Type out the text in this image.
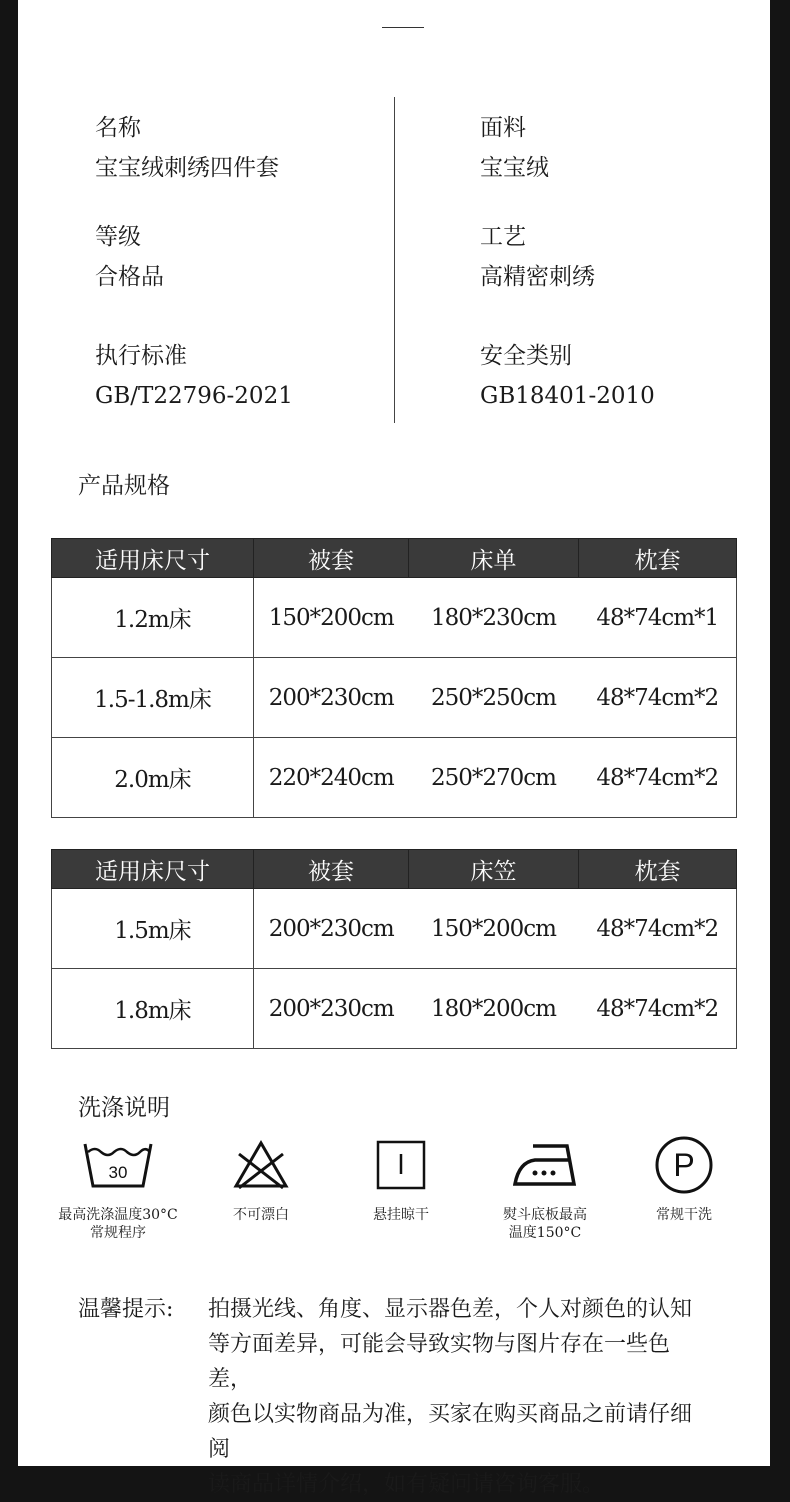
名称
宝宝绒刺绣四件套
面料
宝宝绒
等级
合格品
工艺
高精密刺绣
执行标准
GB/T22796-2021
安全类别
GB18401-2010
产品规格
适用床尺寸	被套	床单	枕套
1.2m床	150*200cm	180*230cm	48*74cm*1
1.5-1.8m床	200*230cm	250*250cm	48*74cm*2
2.0m床	220*240cm	250*270cm	48*74cm*2
适用床尺寸	被套	床笠	枕套
1.5m床	200*230cm	150*200cm	48*74cm*2
1.8m床	200*230cm	180*200cm	48*74cm*2
洗涤说明
30
最高洗涤温度30°C
常规程序
不可漂白	悬挂晾干	熨斗底板最高
温度150°C
P
常规干洗
温馨提示: 拍摄光线、角度、显示器色差，个人对颜色的认知
等方面差异，可能会导致实物与图片存在一些色差，
颜色以实物商品为准，买家在购买商品之前请仔细阅
读商品详情介绍，如有疑问请咨询客服。
